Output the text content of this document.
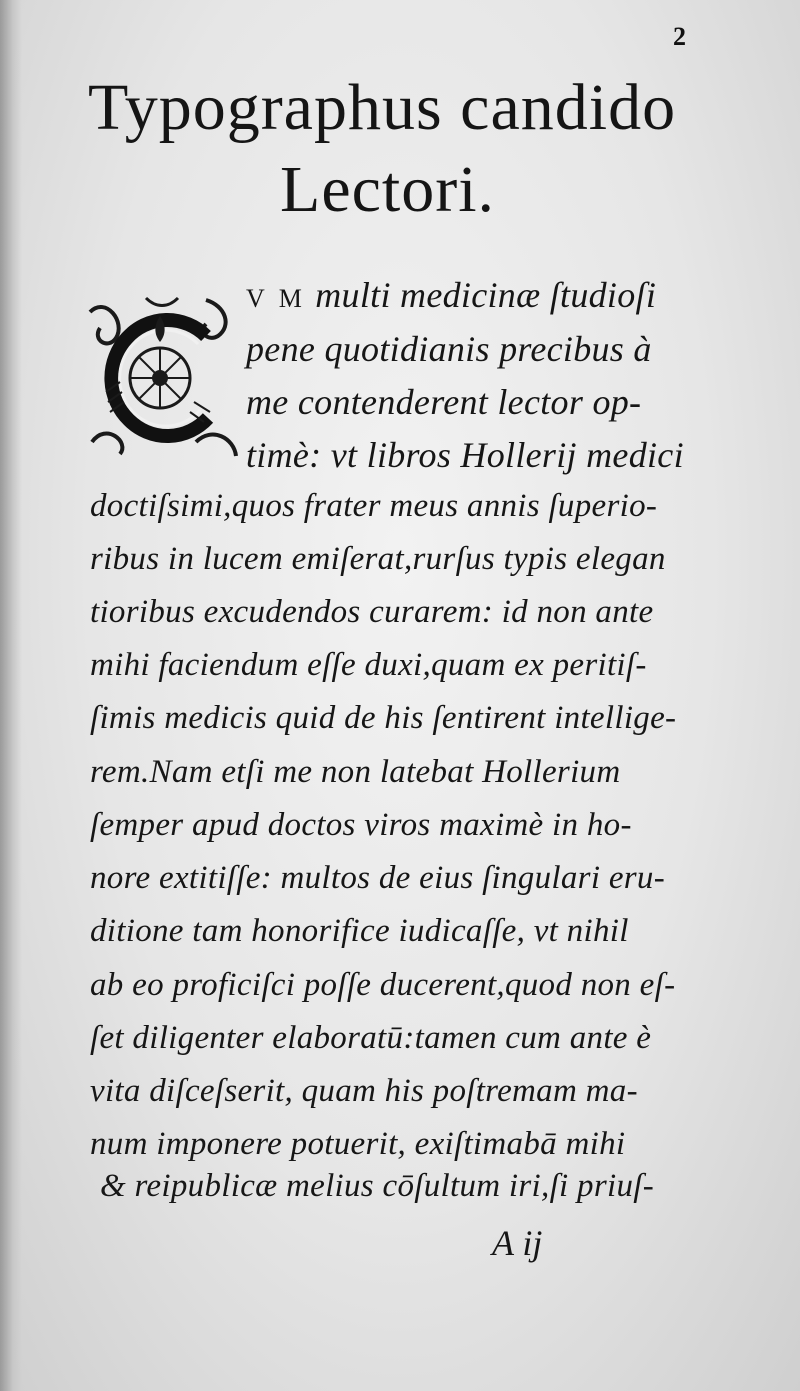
2
Typographus candido
Lectori.
V M multi medicinæ ſtudioſi
pene quotidianis precibus à
me contenderent lector op-
timè: vt libros Hollerij medici
doctiſsimi,quos frater meus annis ſuperio-
ribus in lucem emiſerat,rurſus typis elegan
tioribus excudendos curarem: id non ante
mihi faciendum eſſe duxi,quam ex peritiſ-
ſimis medicis quid de his ſentirent intellige-
rem.Nam etſi me non latebat Hollerium
ſemper apud doctos viros maximè in ho-
nore extitiſſe: multos de eius ſingulari eru-
ditione tam honorifice iudicaſſe, vt nihil
ab eo proficiſci poſſe ducerent,quod non eſ-
ſet diligenter elaboratū:tamen cum ante è
vita diſceſserit, quam his poſtremam ma-
num imponere potuerit, exiſtimabā mihi
& reipublicæ melius cōſultum iri,ſi priuſ-
A ij
